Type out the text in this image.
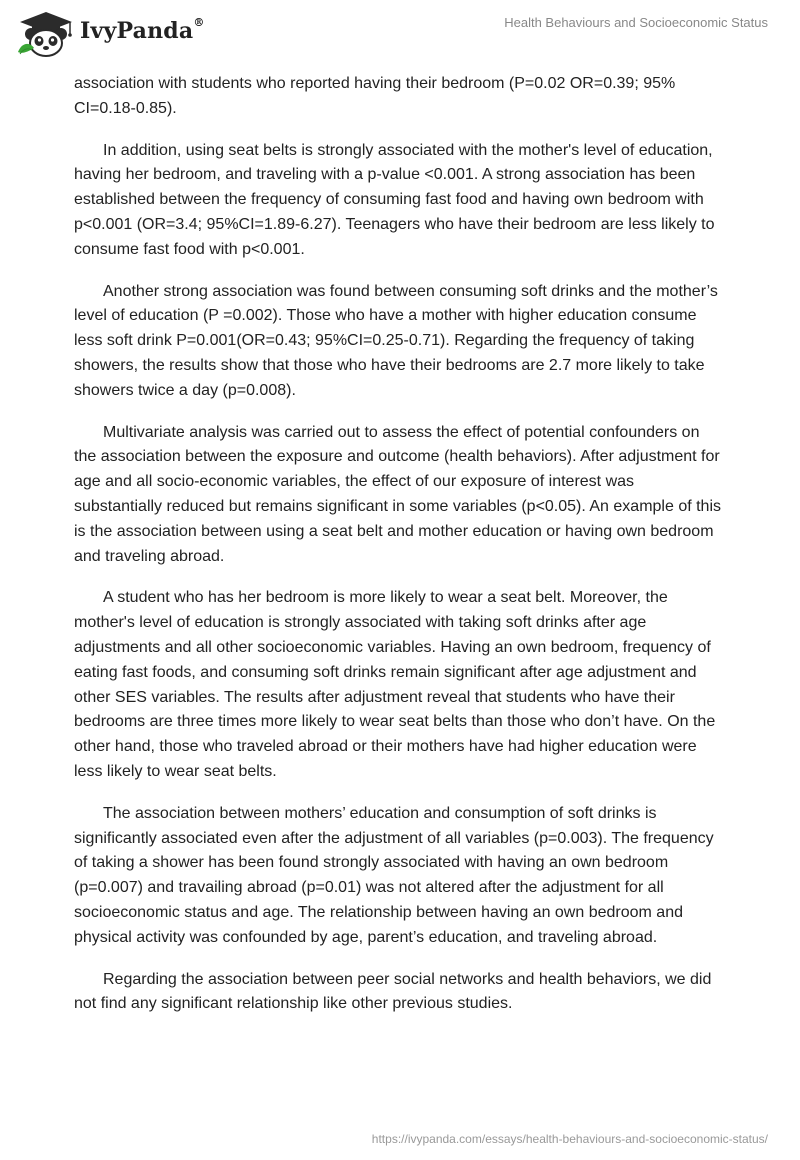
IvyPanda®	Health Behaviours and Socioeconomic Status

association with students who reported having their bedroom (P=0.02 OR=0.39; 95% CI=0.18-0.85).

In addition, using seat belts is strongly associated with the mother's level of education, having her bedroom, and traveling with a p-value <0.001. A strong association has been established between the frequency of consuming fast food and having own bedroom with p<0.001 (OR=3.4; 95%CI=1.89-6.27). Teenagers who have their bedroom are less likely to consume fast food with p<0.001.

Another strong association was found between consuming soft drinks and the mother’s level of education (P =0.002). Those who have a mother with higher education consume less soft drink P=0.001(OR=0.43; 95%CI=0.25-0.71). Regarding the frequency of taking showers, the results show that those who have their bedrooms are 2.7 more likely to take showers twice a day (p=0.008).

Multivariate analysis was carried out to assess the effect of potential confounders on the association between the exposure and outcome (health behaviors). After adjustment for age and all socio-economic variables, the effect of our exposure of interest was substantially reduced but remains significant in some variables (p<0.05). An example of this is the association between using a seat belt and mother education or having own bedroom and traveling abroad.

A student who has her bedroom is more likely to wear a seat belt. Moreover, the mother's level of education is strongly associated with taking soft drinks after age adjustments and all other socioeconomic variables. Having an own bedroom, frequency of eating fast foods, and consuming soft drinks remain significant after age adjustment and other SES variables. The results after adjustment reveal that students who have their bedrooms are three times more likely to wear seat belts than those who don’t have. On the other hand, those who traveled abroad or their mothers have had higher education were less likely to wear seat belts.

The association between mothers’ education and consumption of soft drinks is significantly associated even after the adjustment of all variables (p=0.003). The frequency of taking a shower has been found strongly associated with having an own bedroom (p=0.007) and travailing abroad (p=0.01) was not altered after the adjustment for all socioeconomic status and age. The relationship between having an own bedroom and physical activity was confounded by age, parent’s education, and traveling abroad.

Regarding the association between peer social networks and health behaviors, we did not find any significant relationship like other previous studies.

https://ivypanda.com/essays/health-behaviours-and-socioeconomic-status/
